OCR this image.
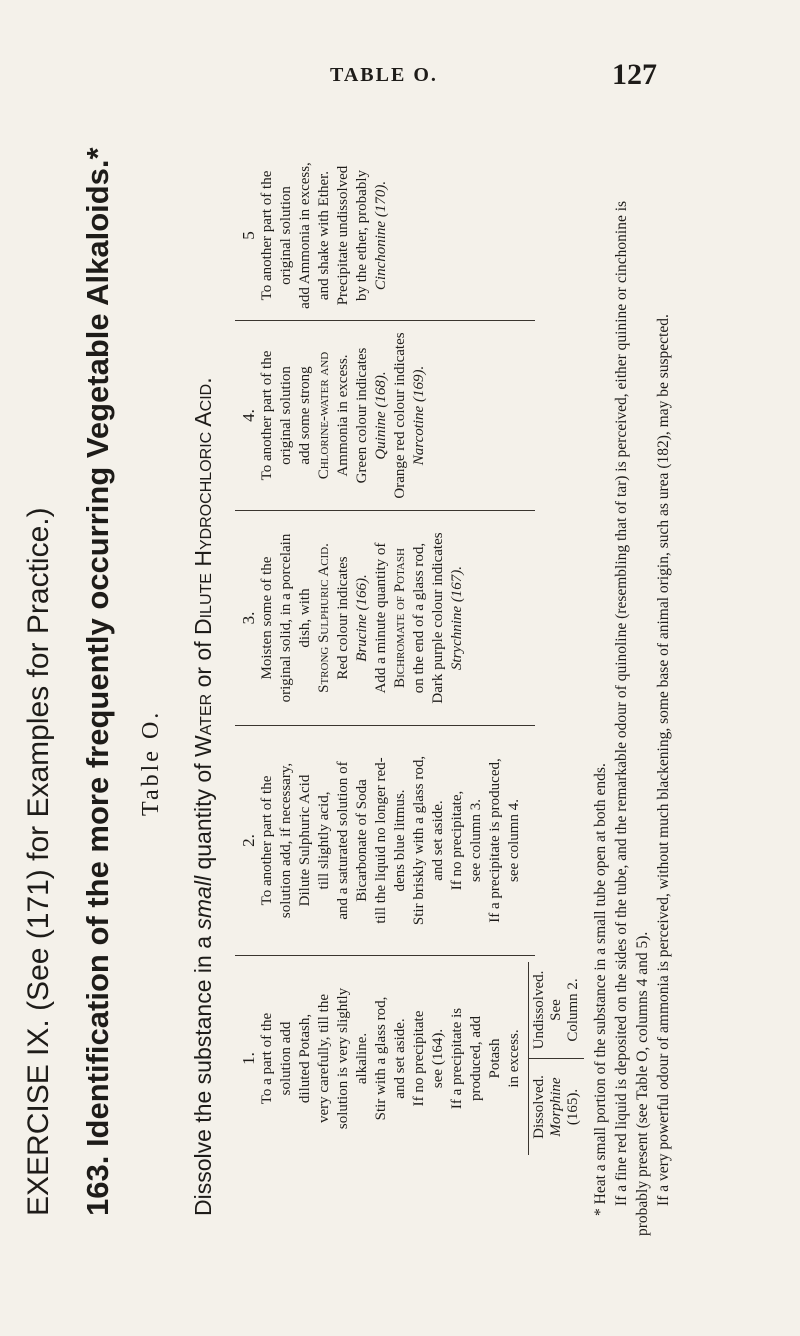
TABLE O.	127
EXERCISE IX. (See (171) for Examples for Practice.) 163. Identification of the more frequently occurring Vegetable Alkaloids.* Table O.
Dissolve the substance in a small quantity of Water or of Dilute Hydrochloric Acid.
1. To a part of the solution add diluted Potash, very carefully, till the solution is very slightly alkaline. Stir with a glass rod, and set aside. If no precipitate see (164). If a precipitate is produced, add Potash in excess.
Dissolved. Morphine (165).
Undissolved. See Column 2.
2. To another part of the solution add, if necessary, Dilute Sulphuric Acid till slightly acid, and a saturated solution of Bicarbonate of Soda till the liquid no longer red- dens blue litmus. Stir briskly with a glass rod, and set aside. If no precipitate, see column 3. If a precipitate is produced, see column 4.
3. Moisten some of the original solid, in a porcelain dish, with Strong Sulphuric Acid. Red colour indicates Brucine (166). Add a minute quantity of Bichromate of Potash on the end of a glass rod, Dark purple colour indicates Strychnine (167).
4. To another part of the original solution add some strong Chlorine-water and Ammonia in excess. Green colour indicates Quinine (168). Orange red colour indicates Narcotine (169).
5 To another part of the original solution add Ammonia in excess, and shake with Ether. Precipitate undissolved by the ether, probably Cinchonine (170).

* Heat a small portion of the substance in a small tube open at both ends. If a fine red liquid is deposited on the sides of the tube, and the remarkable odour of quinoline (resembling that of tar) is perceived, either quinine or cinchonine is probably present (see Table O, columns 4 and 5). If a very powerful odour of ammonia is perceived, without much blackening, some base of animal origin, such as urea (182), may be suspected.
